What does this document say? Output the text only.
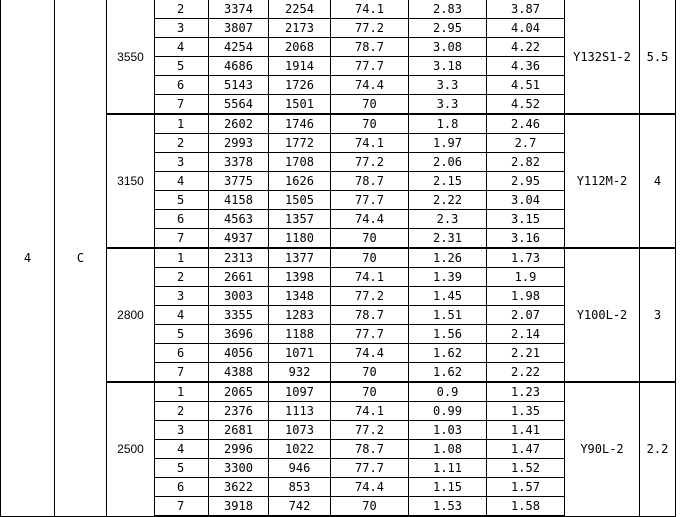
4	C	3550	2	3374	2254	74.1	2.83	3.87	Y132S1-2	5.5
			3	3807	2173	77.2	2.95	4.04		
			4	4254	2068	78.7	3.08	4.22		
			5	4686	1914	77.7	3.18	4.36		
			6	5143	1726	74.4	3.3	4.51		
			7	5564	1501	70	3.3	4.52		
		3150	1	2602	1746	70	1.8	2.46	Y112M-2	4
			2	2993	1772	74.1	1.97	2.7		
			3	3378	1708	77.2	2.06	2.82		
			4	3775	1626	78.7	2.15	2.95		
			5	4158	1505	77.7	2.22	3.04		
			6	4563	1357	74.4	2.3	3.15		
			7	4937	1180	70	2.31	3.16		
		2800	1	2313	1377	70	1.26	1.73	Y100L-2	3
			2	2661	1398	74.1	1.39	1.9		
			3	3003	1348	77.2	1.45	1.98		
			4	3355	1283	78.7	1.51	2.07		
			5	3696	1188	77.7	1.56	2.14		
			6	4056	1071	74.4	1.62	2.21		
			7	4388	932	70	1.62	2.22		
		2500	1	2065	1097	70	0.9	1.23	Y90L-2	2.2
			2	2376	1113	74.1	0.99	1.35		
			3	2681	1073	77.2	1.03	1.41		
			4	2996	1022	78.7	1.08	1.47		
			5	3300	946	77.7	1.11	1.52		
			6	3622	853	74.4	1.15	1.57		
			7	3918	742	70	1.53	1.58		
